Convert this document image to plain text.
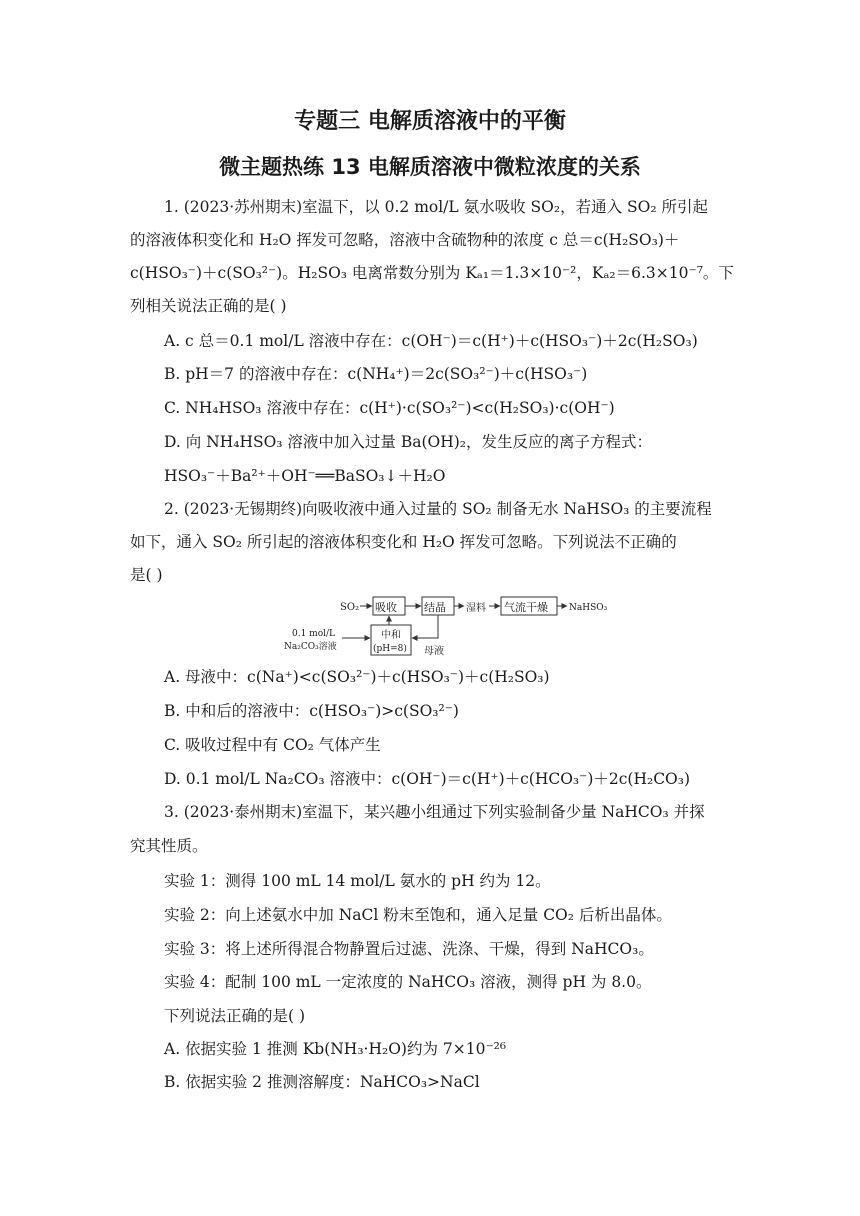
专题三 电解质溶液中的平衡
微主题热练 13 电解质溶液中微粒浓度的关系
1. (2023·苏州期末)室温下，以 0.2 mol/L 氨水吸收 SO₂，若通入 SO₂ 所引起
的溶液体积变化和 H₂O 挥发可忽略，溶液中含硫物种的浓度 c 总＝c(H₂SO₃)＋
c(HSO₃⁻)＋c(SO₃²⁻)。H₂SO₃ 电离常数分别为 Kₐ₁＝1.3×10⁻²，Kₐ₂＝6.3×10⁻⁷。下
列相关说法正确的是( )
A. c 总＝0.1 mol/L 溶液中存在：c(OH⁻)＝c(H⁺)＋c(HSO₃⁻)＋2c(H₂SO₃)
B. pH＝7 的溶液中存在：c(NH₄⁺)＝2c(SO₃²⁻)＋c(HSO₃⁻)
C. NH₄HSO₃ 溶液中存在：c(H⁺)·c(SO₃²⁻)<c(H₂SO₃)·c(OH⁻)
D. 向 NH₄HSO₃ 溶液中加入过量 Ba(OH)₂，发生反应的离子方程式：
HSO₃⁻＋Ba²⁺＋OH⁻══BaSO₃↓＋H₂O
2. (2023·无锡期终)向吸收液中通入过量的 SO₂ 制备无水 NaHSO₃ 的主要流程
如下，通入 SO₂ 所引起的溶液体积变化和 H₂O 挥发可忽略。下列说法不正确的
是( )
SO₂ 吸收 结晶 湿料 气流干燥 NaHSO₃
0.1 mol/L
Na₂CO₃溶液
中和
(pH=8) 母液
A. 母液中：c(Na⁺)<c(SO₃²⁻)＋c(HSO₃⁻)＋c(H₂SO₃)
B. 中和后的溶液中：c(HSO₃⁻)>c(SO₃²⁻)
C. 吸收过程中有 CO₂ 气体产生
D. 0.1 mol/L Na₂CO₃ 溶液中：c(OH⁻)＝c(H⁺)＋c(HCO₃⁻)＋2c(H₂CO₃)
3. (2023·泰州期末)室温下，某兴趣小组通过下列实验制备少量 NaHCO₃ 并探
究其性质。
实验 1：测得 100 mL 14 mol/L 氨水的 pH 约为 12。
实验 2：向上述氨水中加 NaCl 粉末至饱和，通入足量 CO₂ 后析出晶体。
实验 3：将上述所得混合物静置后过滤、洗涤、干燥，得到 NaHCO₃。
实验 4：配制 100 mL 一定浓度的 NaHCO₃ 溶液，测得 pH 为 8.0。
下列说法正确的是( )
A. 依据实验 1 推测 Kb(NH₃·H₂O)约为 7×10⁻²⁶
B. 依据实验 2 推测溶解度：NaHCO₃>NaCl
